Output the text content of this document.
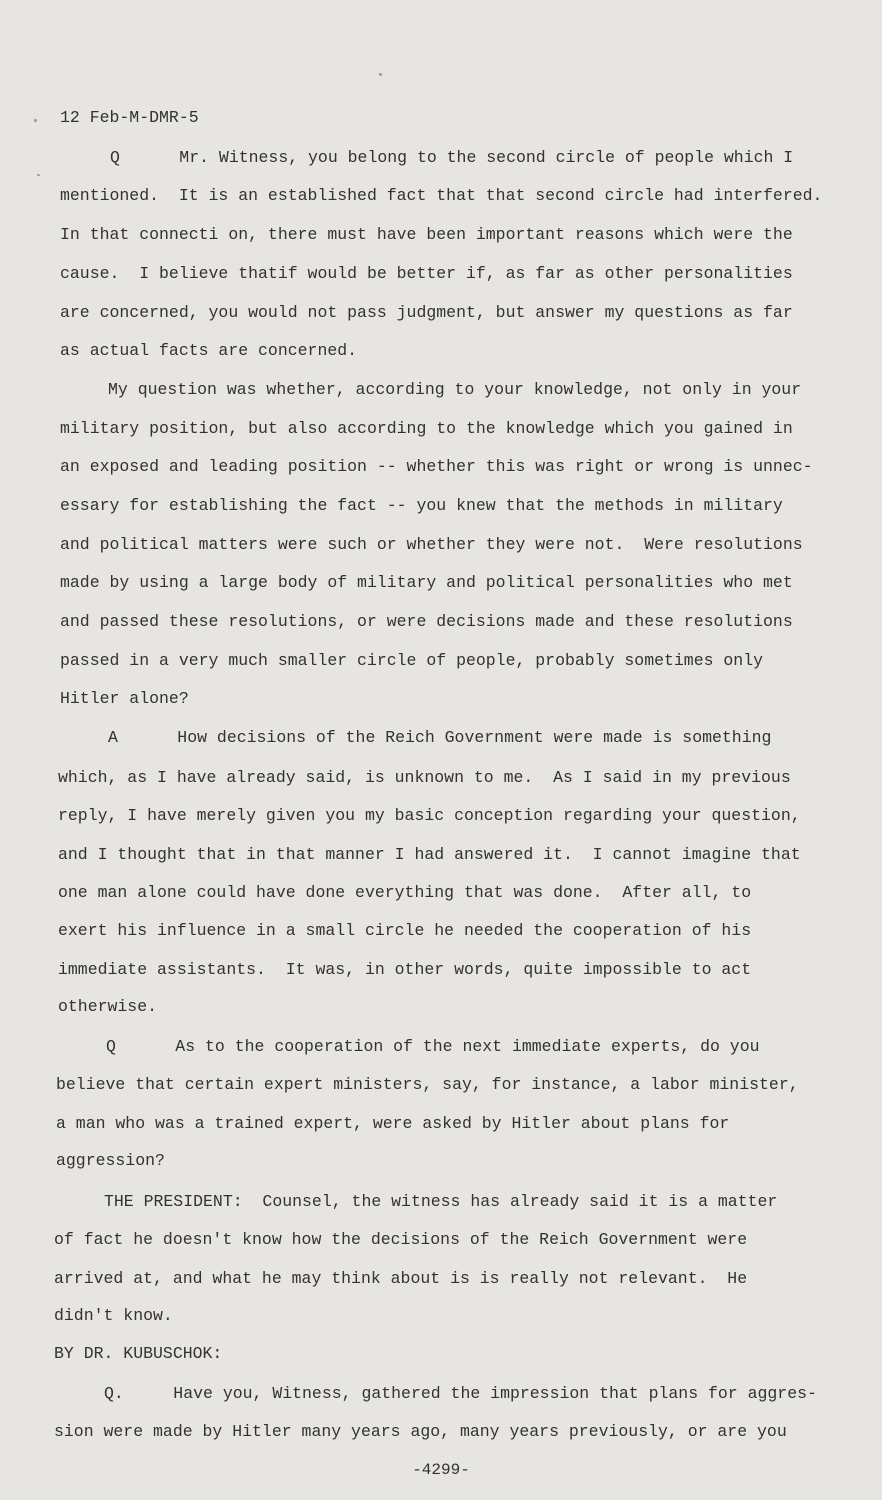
12 Feb-M-DMR-5
Q      Mr. Witness, you belong to the second circle of people which I
mentioned.  It is an established fact that that second circle had interfered.
In that connecti on, there must have been important reasons which were the
cause.  I believe thatif would be better if, as far as other personalities
are concerned, you would not pass judgment, but answer my questions as far
as actual facts are concerned.
My question was whether, according to your knowledge, not only in your
military position, but also according to the knowledge which you gained in
an exposed and leading position -- whether this was right or wrong is unnec-
essary for establishing the fact -- you knew that the methods in military
and political matters were such or whether they were not.  Were resolutions
made by using a large body of military and political personalities who met
and passed these resolutions, or were decisions made and these resolutions
passed in a very much smaller circle of people, probably sometimes only
Hitler alone?
A      How decisions of the Reich Government were made is something
which, as I have already said, is unknown to me.  As I said in my previous
reply, I have merely given you my basic conception regarding your question,
and I thought that in that manner I had answered it.  I cannot imagine that
one man alone could have done everything that was done.  After all, to
exert his influence in a small circle he needed the cooperation of his
immediate assistants.  It was, in other words, quite impossible to act
otherwise.
Q      As to the cooperation of the next immediate experts, do you
believe that certain expert ministers, say, for instance, a labor minister,
a man who was a trained expert, were asked by Hitler about plans for
aggression?
THE PRESIDENT:  Counsel, the witness has already said it is a matter
of fact he doesn't know how the decisions of the Reich Government were
arrived at, and what he may think about is is really not relevant.  He
didn't know.
BY DR. KUBUSCHOK:
Q.     Have you, Witness, gathered the impression that plans for aggres-
sion were made by Hitler many years ago, many years previously, or are you
-4299-
